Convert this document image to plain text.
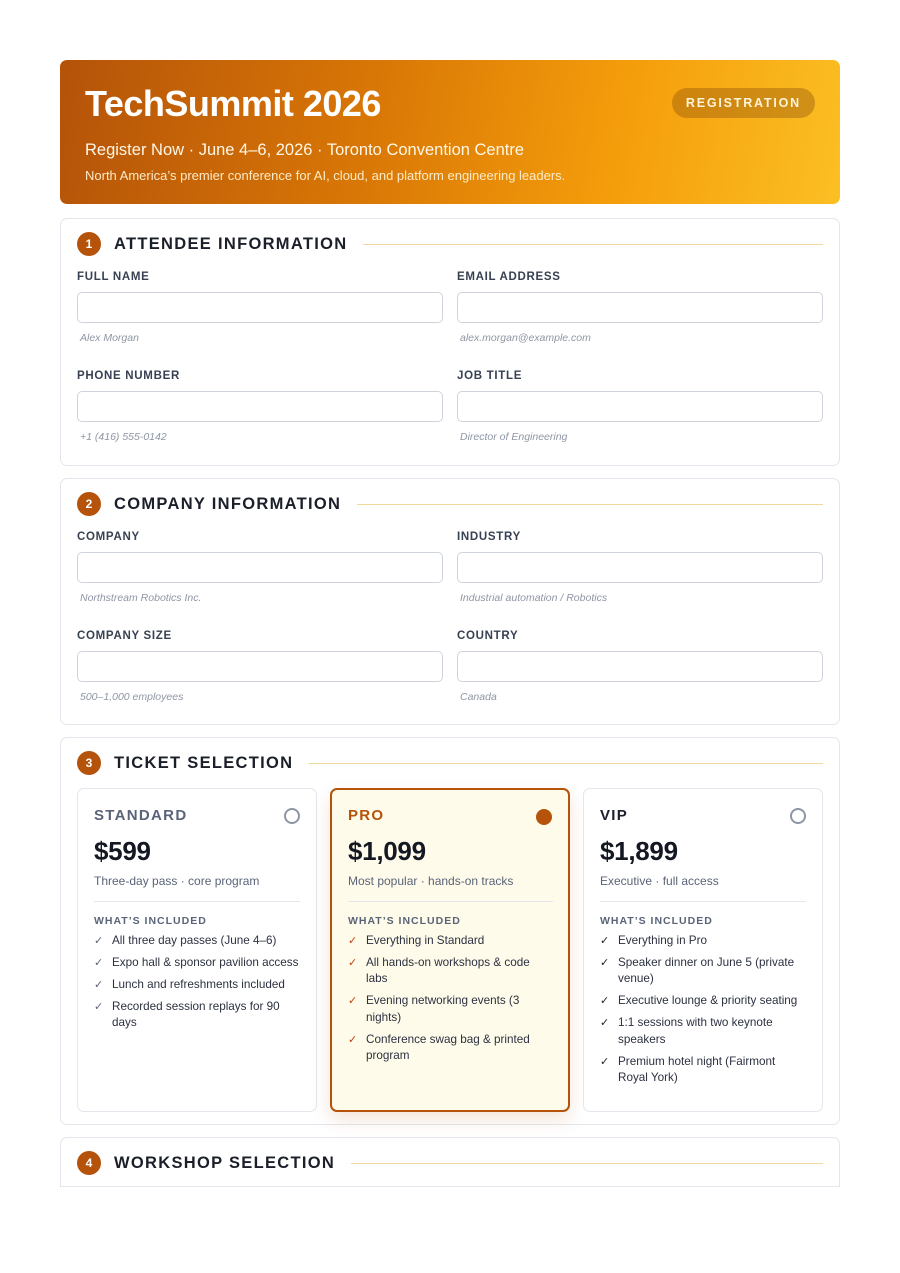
TechSummit 2026	REGISTRATION
Register Now · June 4–6, 2026 · Toronto Convention Centre
North America’s premier conference for AI, cloud, and platform engineering leaders.
1	ATTENDEE INFORMATION
FULL NAME
Alex Morgan
EMAIL ADDRESS
alex.morgan@example.com
PHONE NUMBER
+1 (416) 555-0142
JOB TITLE
Director of Engineering
2	COMPANY INFORMATION
COMPANY
Northstream Robotics Inc.
INDUSTRY
Industrial automation / Robotics
COMPANY SIZE
500–1,000 employees
COUNTRY
Canada
3	TICKET SELECTION
STANDARD
$599
Three-day pass · core program
WHAT’S INCLUDED
✓ All three day passes (June 4–6)
✓ Expo hall & sponsor pavilion access
✓ Lunch and refreshments included
✓ Recorded session replays for 90 days
PRO
$1,099
Most popular · hands-on tracks
WHAT’S INCLUDED
✓ Everything in Standard
✓ All hands-on workshops & code labs
✓ Evening networking events (3 nights)
✓ Conference swag bag & printed program
VIP
$1,899
Executive · full access
WHAT’S INCLUDED
✓ Everything in Pro
✓ Speaker dinner on June 5 (private venue)
✓ Executive lounge & priority seating
✓ 1:1 sessions with two keynote speakers
✓ Premium hotel night (Fairmont Royal York)
4	WORKSHOP SELECTION
